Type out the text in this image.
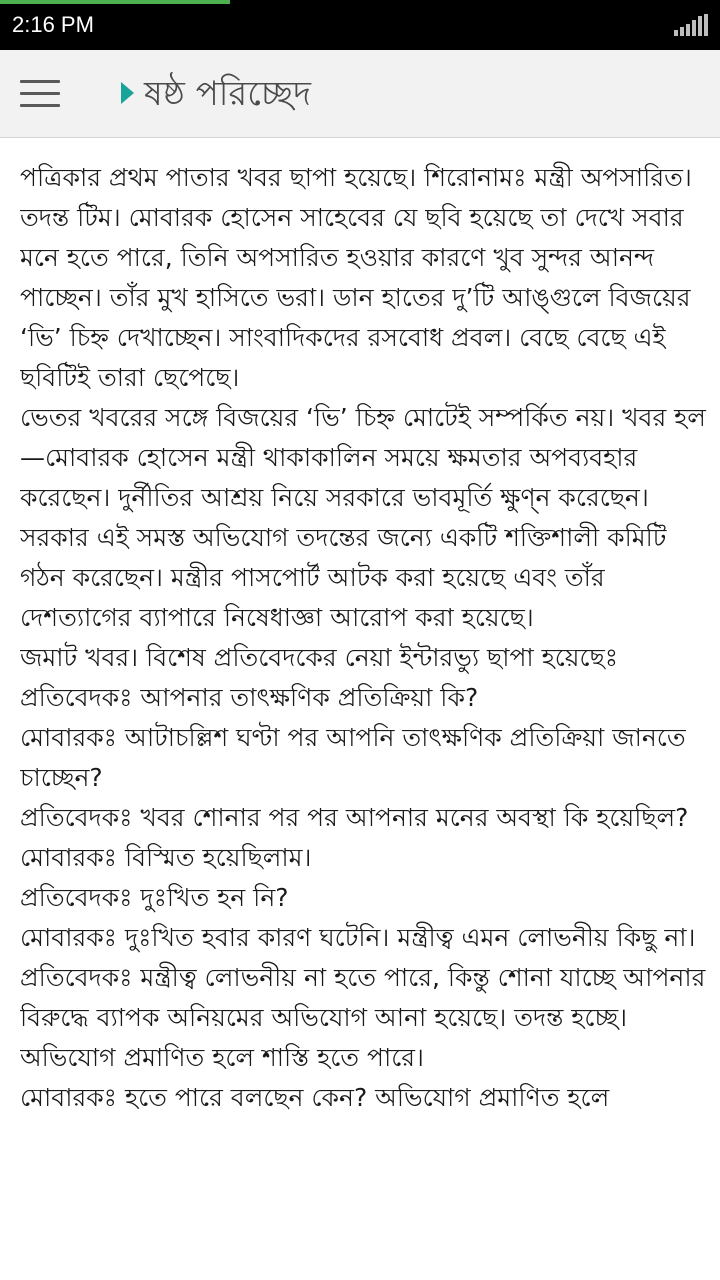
2:16 PM
ষষ্ঠ পরিচ্ছেদ

পত্রিকার প্রথম পাতার খবর ছাপা হয়েছে। শিরোনামঃ মন্ত্রী অপসারিত। তদন্ত টিম। মোবারক হোসেন সাহেবের যে ছবি হয়েছে তা দেখে সবার মনে হতে পারে, তিনি অপসারিত হওয়ার কারণে খুব সুন্দর আনন্দ পাচ্ছেন। তাঁর মুখ হাসিতে ভরা। ডান হাতের দু’টি আঙ্গুলে বিজয়ের ‘ভি’ চিহ্ন দেখাচ্ছেন। সাংবাদিকদের রসবোধ প্রবল। বেছে বেছে এই ছবিটিই তারা ছেপেছে।

ভেতর খবরের সঙ্গে বিজয়ের ‘ভি’ চিহ্ন মোটেই সম্পর্কিত নয়। খবর হল—মোবারক হোসেন মন্ত্রী থাকাকালিন সময়ে ক্ষমতার অপব্যবহার করেছেন। দুর্নীতির আশ্রয় নিয়ে সরকারে ভাবমূর্তি ক্ষুণ্ন করেছেন। সরকার এই সমস্ত অভিযোগ তদন্তের জন্যে একটি শক্তিশালী কমিটি গঠন করেছেন। মন্ত্রীর পাসপোর্ট আটক করা হয়েছে এবং তাঁর দেশত্যাগের ব্যাপারে নিষেধাজ্ঞা আরোপ করা হয়েছে।

জমাট খবর। বিশেষ প্রতিবেদকের নেয়া ইন্টারভ্যু ছাপা হয়েছেঃ

প্রতিবেদকঃ আপনার তাৎক্ষণিক প্রতিক্রিয়া কি?

মোবারকঃ আটাচল্লিশ ঘণ্টা পর আপনি তাৎক্ষণিক প্রতিক্রিয়া জানতে চাচ্ছেন?

প্রতিবেদকঃ খবর শোনার পর পর আপনার মনের অবস্থা কি হয়েছিল?

মোবারকঃ বিস্মিত হয়েছিলাম।

প্রতিবেদকঃ দুঃখিত হন নি?

মোবারকঃ দুঃখিত হবার কারণ ঘটেনি। মন্ত্রীত্ব এমন লোভনীয় কিছু না।

প্রতিবেদকঃ মন্ত্রীত্ব লোভনীয় না হতে পারে, কিন্তু শোনা যাচ্ছে আপনার বিরুদ্ধে ব্যাপক অনিয়মের অভিযোগ আনা হয়েছে। তদন্ত হচ্ছে। অভিযোগ প্রমাণিত হলে শাস্তি হতে পারে।

মোবারকঃ হতে পারে বলছেন কেন? অভিযোগ প্রমাণিত হলে
